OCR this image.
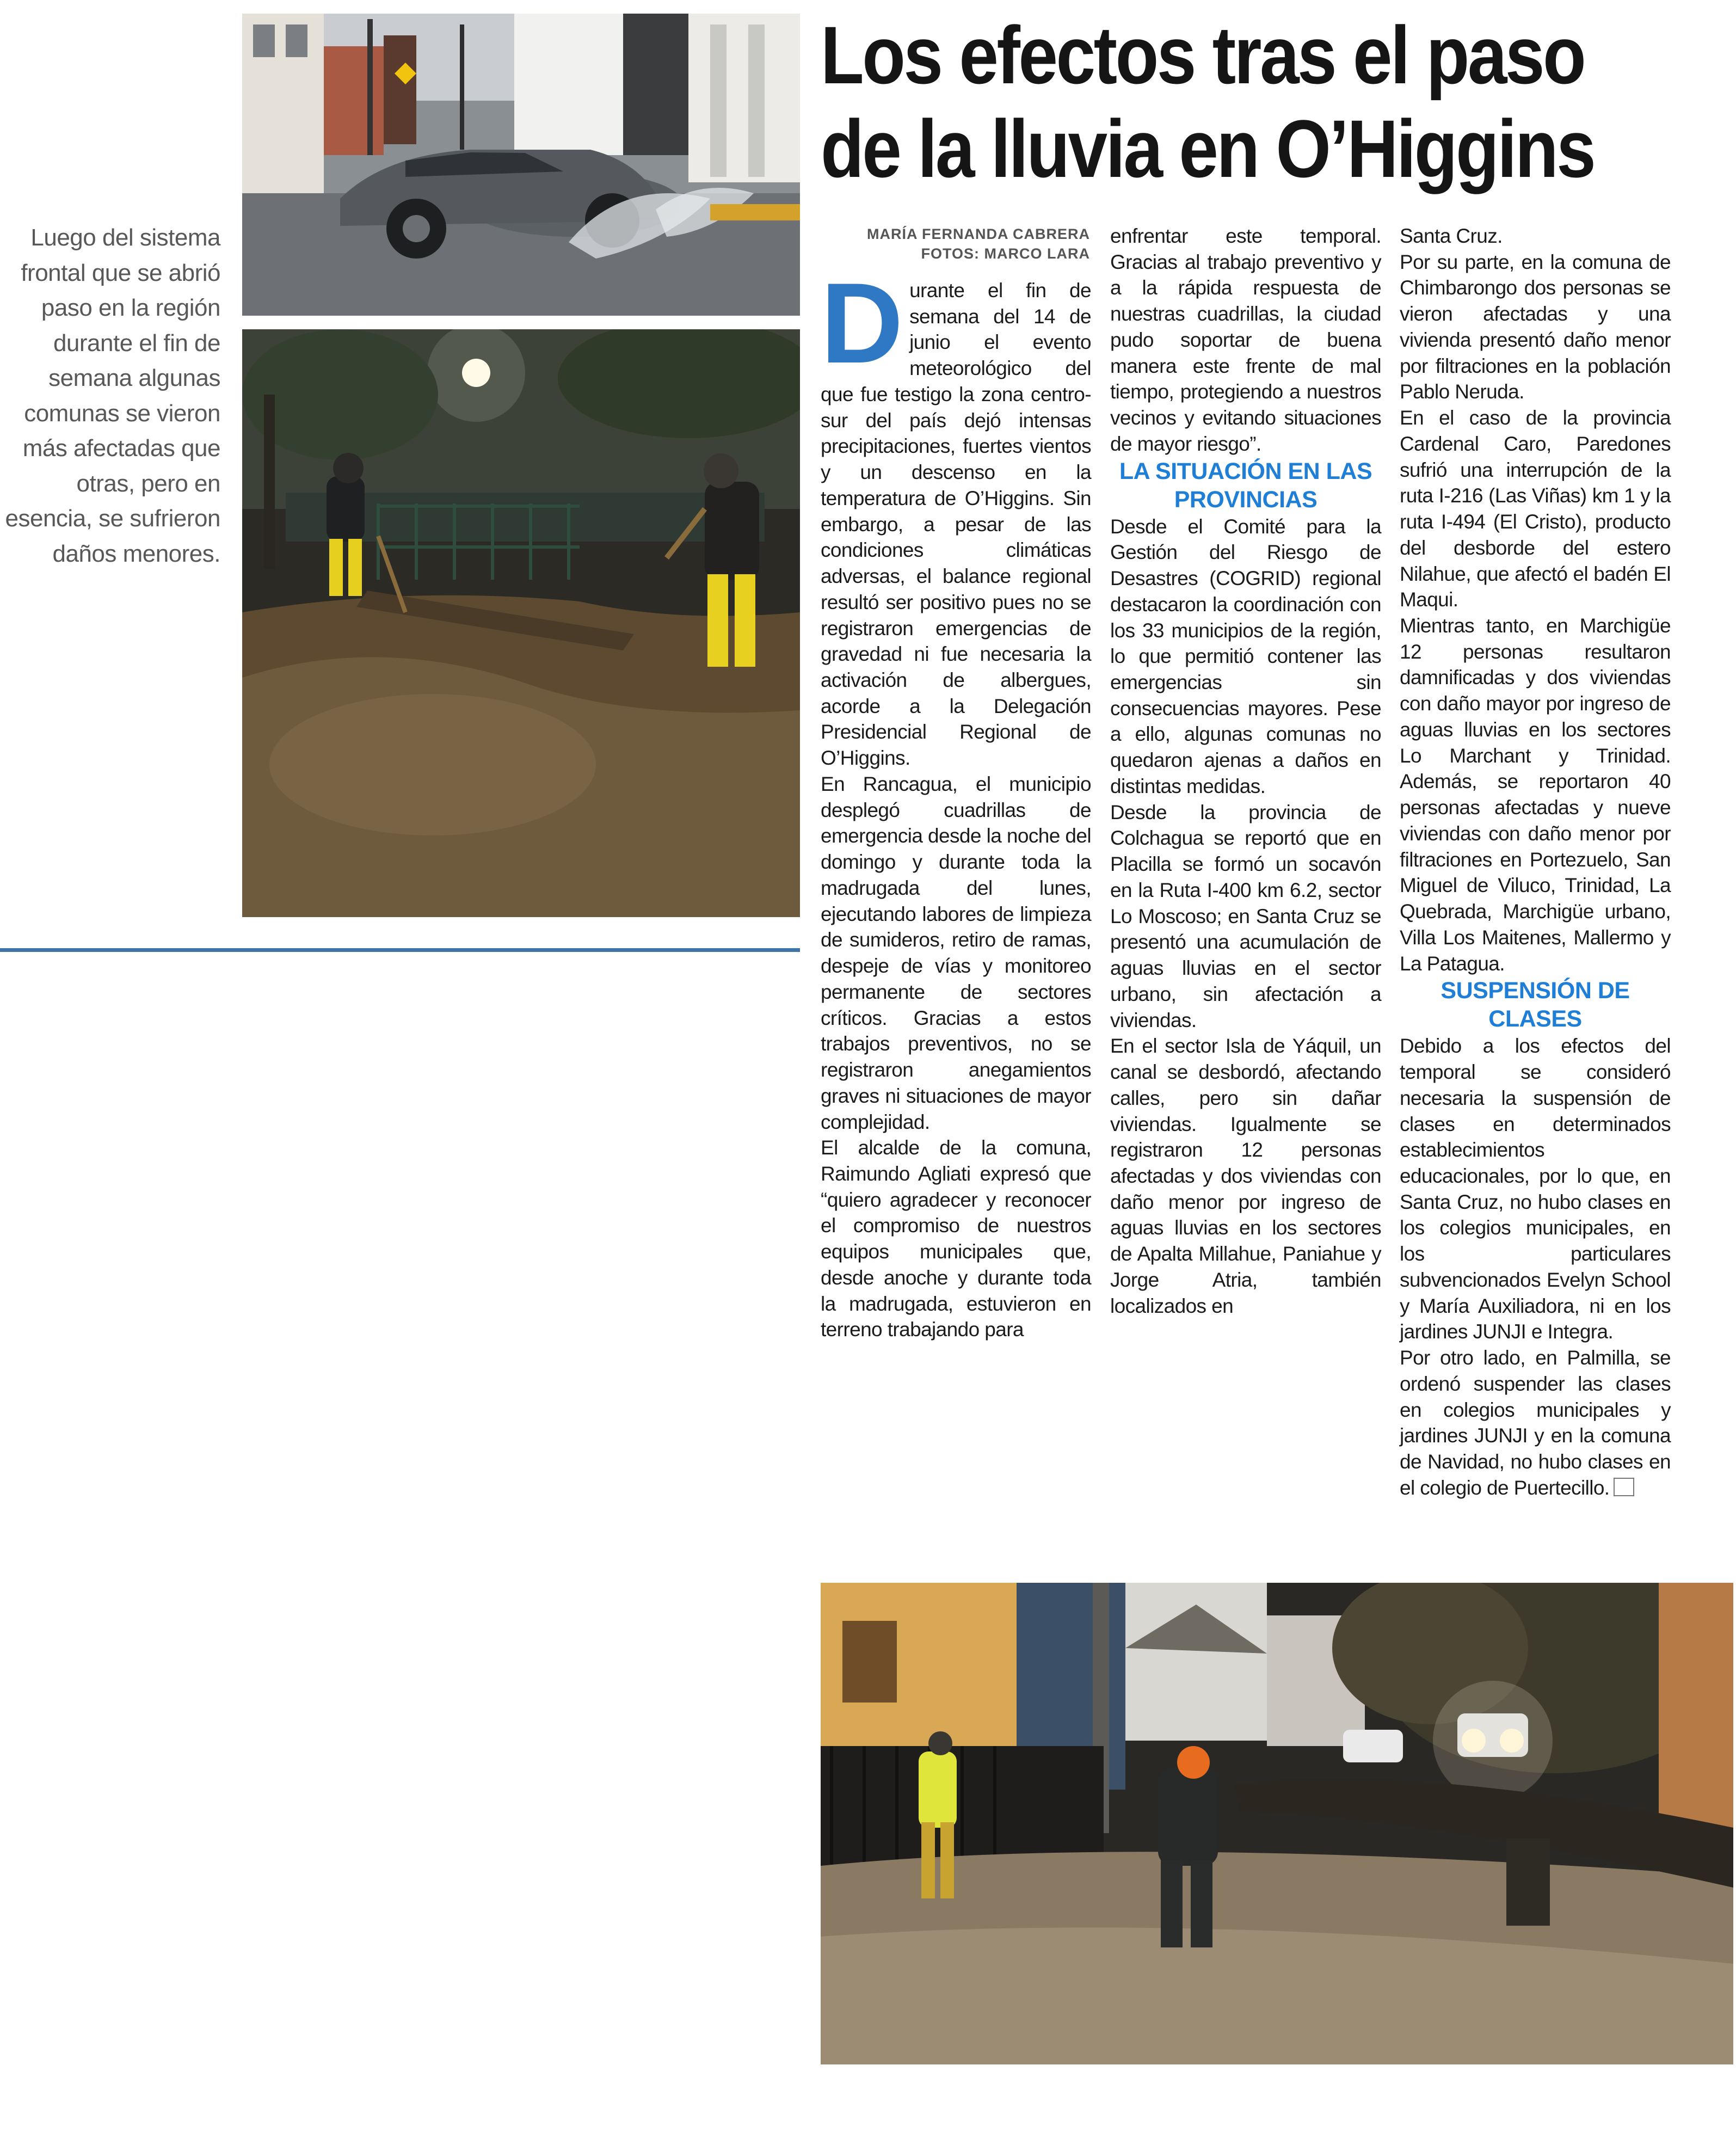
Luego del sistema frontal que se abrió paso en la región durante el fin de semana algunas comunas se vieron más afectadas que otras, pero en esencia, se sufrieron daños menores.
Los efectos tras el paso
de la lluvia en O’Higgins
MARÍA FERNANDA CABRERA
FOTOS: MARCO LARA

Durante el fin de semana del 14 de junio el evento meteorológico del que fue testigo la zona centro-sur del país dejó intensas precipitaciones, fuertes vientos y un descenso en la temperatura de O’Higgins. Sin embargo, a pesar de las condiciones climáticas adversas, el balance regional resultó ser positivo pues no se registraron emergencias de gravedad ni fue necesaria la activación de albergues, acorde a la Delegación Presidencial Regional de O’Higgins.

En Rancagua, el municipio desplegó cuadrillas de emergencia desde la noche del domingo y durante toda la madrugada del lunes, ejecutando labores de limpieza de sumideros, retiro de ramas, despeje de vías y monitoreo permanente de sectores críticos. Gracias a estos trabajos preventivos, no se registraron anegamientos graves ni situaciones de mayor complejidad.

El alcalde de la comuna, Raimundo Agliati expresó que “quiero agradecer y reconocer el compromiso de nuestros equipos municipales que, desde anoche y durante toda la madrugada, estuvieron en terreno trabajando para

enfrentar este temporal. Gracias al trabajo preventivo y a la rápida respuesta de nuestras cuadrillas, la ciudad pudo soportar de buena manera este frente de mal tiempo, protegiendo a nuestros vecinos y evitando situaciones de mayor riesgo”.

LA SITUACIÓN EN LAS PROVINCIAS

Desde el Comité para la Gestión del Riesgo de Desastres (COGRID) regional destacaron la coordinación con los 33 municipios de la región, lo que permitió contener las emergencias sin consecuencias mayores. Pese a ello, algunas comunas no quedaron ajenas a daños en distintas medidas.

Desde la provincia de Colchagua se reportó que en Placilla se formó un socavón en la Ruta I-400 km 6.2, sector Lo Moscoso; en Santa Cruz se presentó una acumulación de aguas lluvias en el sector urbano, sin afectación a viviendas.

En el sector Isla de Yáquil, un canal se desbordó, afectando calles, pero sin dañar viviendas. Igualmente se registraron 12 personas afectadas y dos viviendas con daño menor por ingreso de aguas lluvias en los sectores de Apalta Millahue, Paniahue y Jorge Atria, también localizados en

Santa Cruz.

Por su parte, en la comuna de Chimbarongo dos personas se vieron afectadas y una vivienda presentó daño menor por filtraciones en la población Pablo Neruda.

En el caso de la provincia Cardenal Caro, Paredones sufrió una interrupción de la ruta I-216 (Las Viñas) km 1 y la ruta I-494 (El Cristo), producto del desborde del estero Nilahue, que afectó el badén El Maqui.

Mientras tanto, en Marchigüe 12 personas resultaron damnificadas y dos viviendas con daño mayor por ingreso de aguas lluvias en los sectores Lo Marchant y Trinidad. Además, se reportaron 40 personas afectadas y nueve viviendas con daño menor por filtraciones en Portezuelo, San Miguel de Viluco, Trinidad, La Quebrada, Marchigüe urbano, Villa Los Maitenes, Mallermo y La Patagua.

SUSPENSIÓN DE CLASES

Debido a los efectos del temporal se consideró necesaria la suspensión de clases en determinados establecimientos educacionales, por lo que, en Santa Cruz, no hubo clases en los colegios municipales, en los particulares subvencionados Evelyn School y María Auxiliadora, ni en los jardines JUNJI e Integra.

Por otro lado, en Palmilla, se ordenó suspender las clases en colegios municipales y jardines JUNJI y en la comuna de Navidad, no hubo clases en el colegio de Puertecillo.
